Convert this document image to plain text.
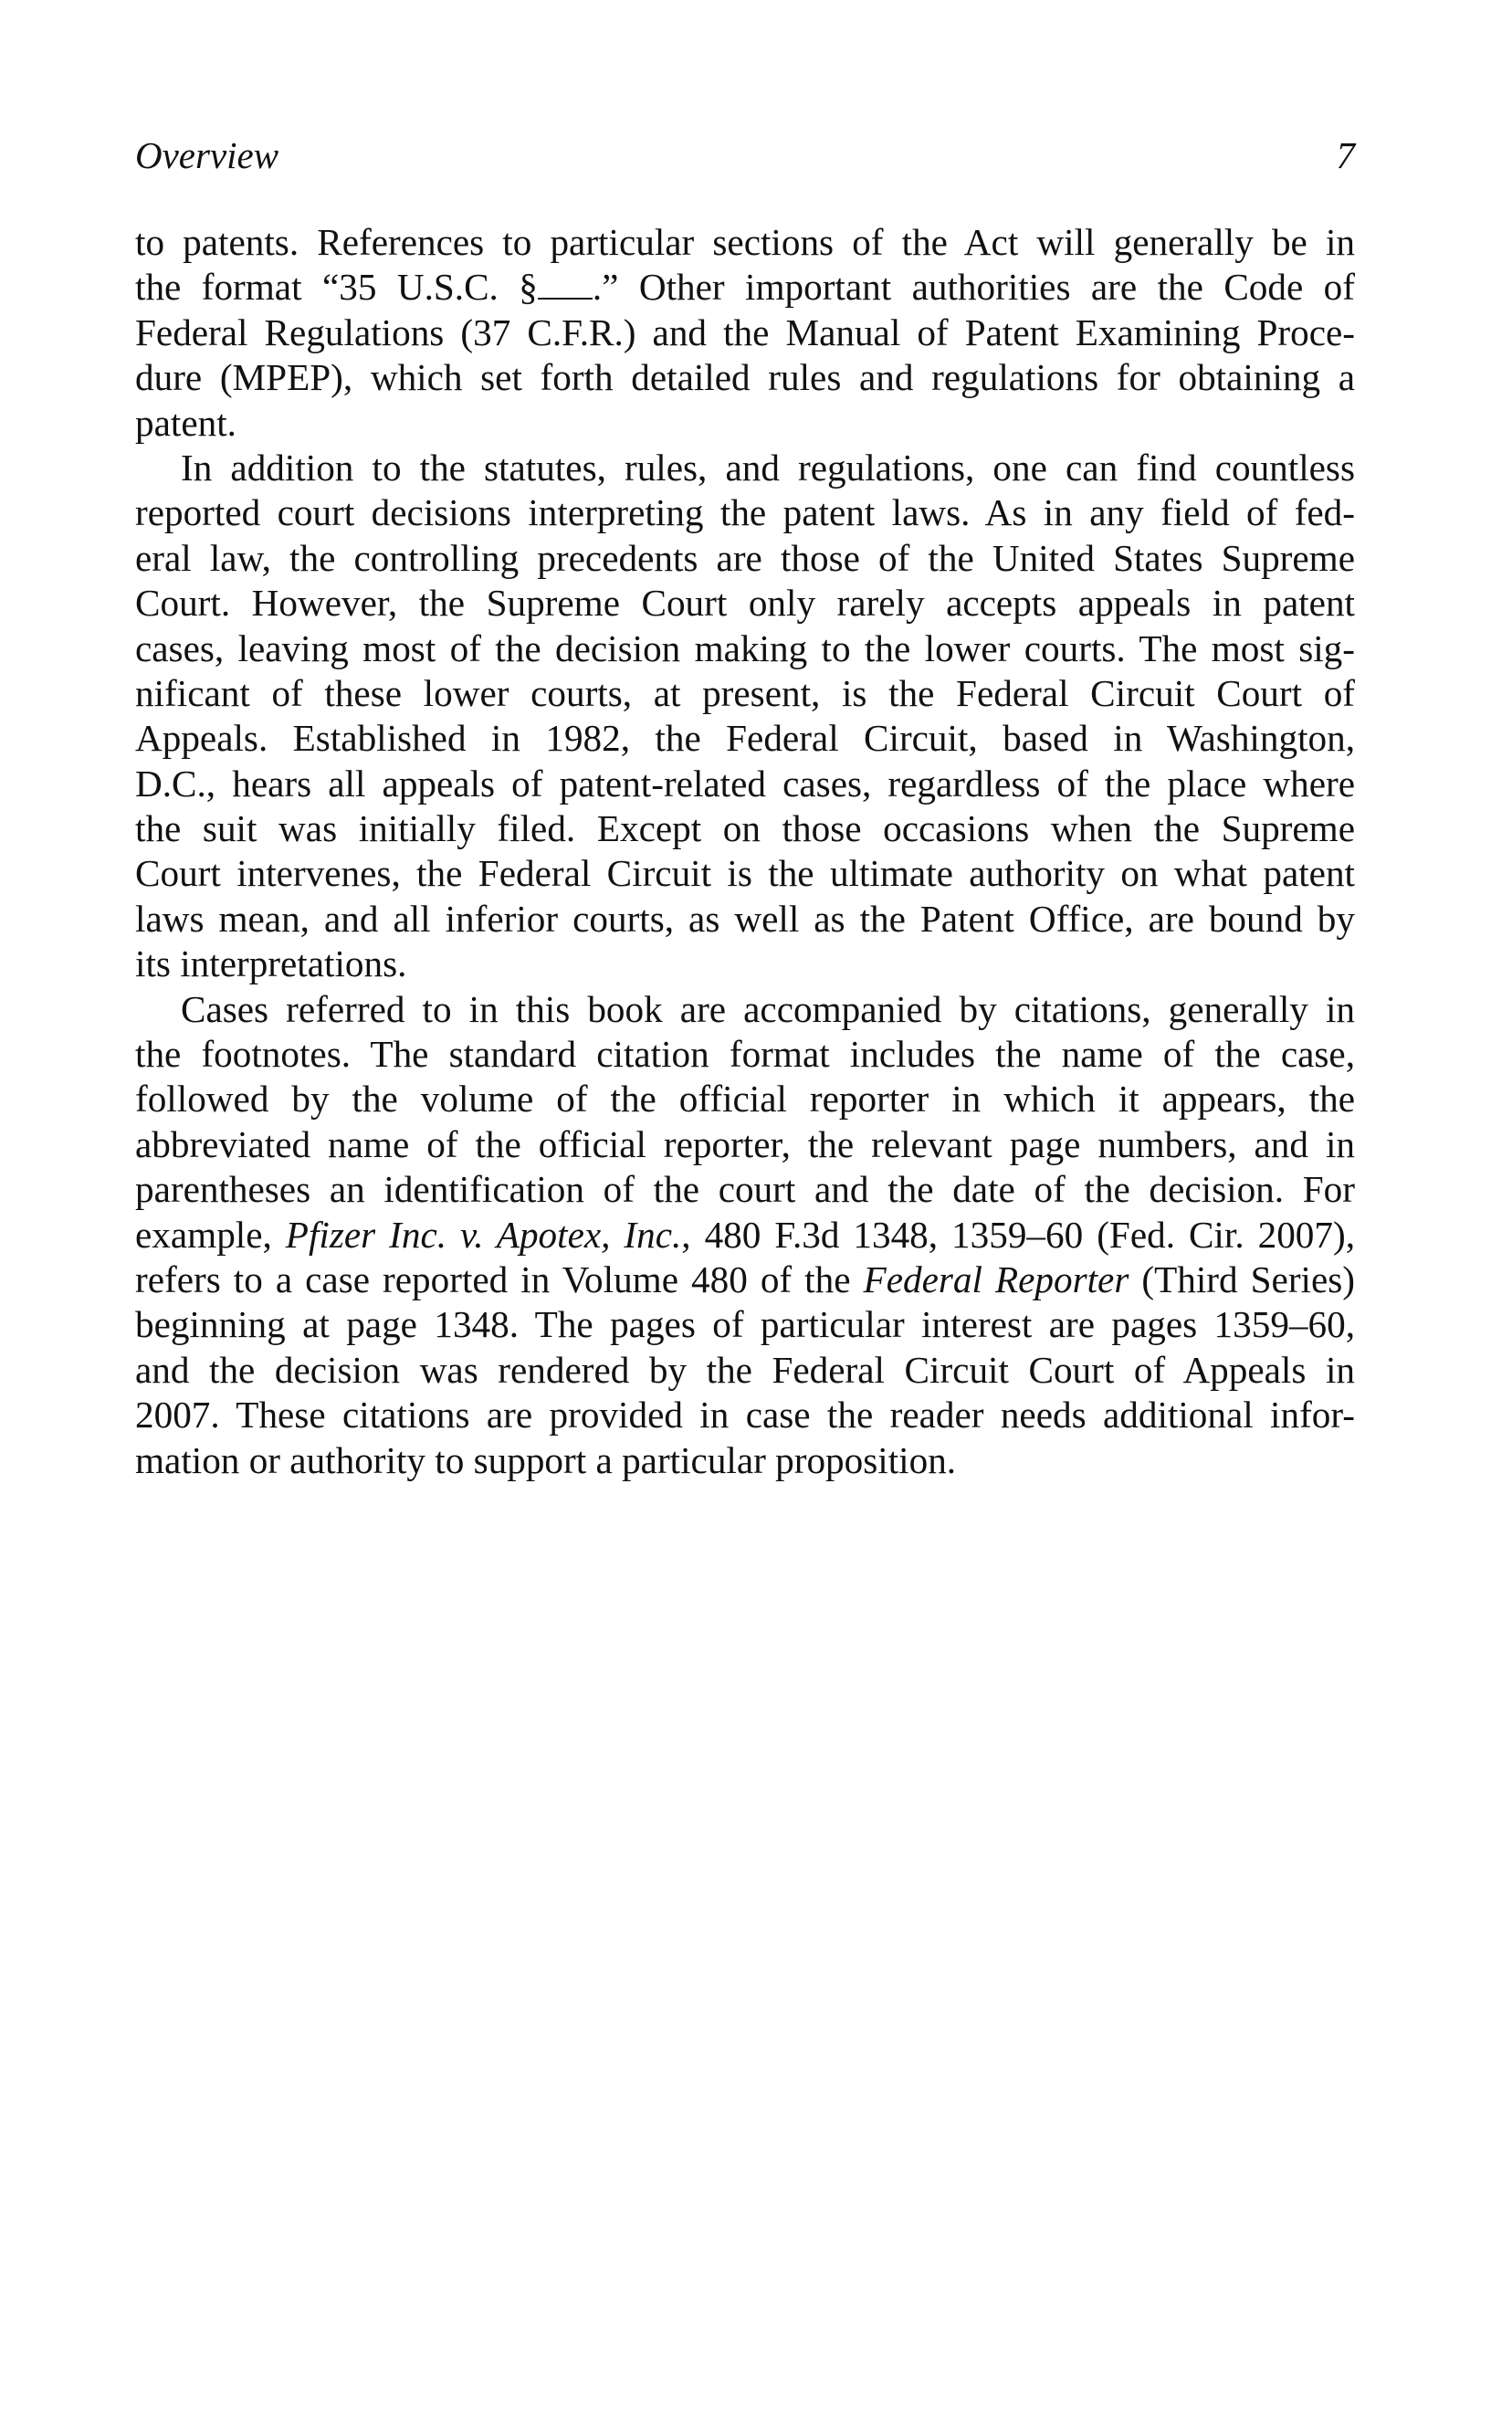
Overview	7
to patents. References to particular sections of the Act will generally be in
the format “35 U.S.C. § .” Other important authorities are the Code of
Federal Regulations (37 C.F.R.) and the Manual of Patent Examining Proce-
dure (MPEP), which set forth detailed rules and regulations for obtaining a
patent.
In addition to the statutes, rules, and regulations, one can find countless
reported court decisions interpreting the patent laws. As in any field of fed-
eral law, the controlling precedents are those of the United States Supreme
Court. However, the Supreme Court only rarely accepts appeals in patent
cases, leaving most of the decision making to the lower courts. The most sig-
nificant of these lower courts, at present, is the Federal Circuit Court of
Appeals. Established in 1982, the Federal Circuit, based in Washington,
D.C., hears all appeals of patent-related cases, regardless of the place where
the suit was initially filed. Except on those occasions when the Supreme
Court intervenes, the Federal Circuit is the ultimate authority on what patent
laws mean, and all inferior courts, as well as the Patent Office, are bound by
its interpretations.
Cases referred to in this book are accompanied by citations, generally in
the footnotes. The standard citation format includes the name of the case,
followed by the volume of the official reporter in which it appears, the
abbreviated name of the official reporter, the relevant page numbers, and in
parentheses an identification of the court and the date of the decision. For
example, Pfizer Inc. v. Apotex, Inc., 480 F.3d 1348, 1359–60 (Fed. Cir. 2007),
refers to a case reported in Volume 480 of the Federal Reporter (Third Series)
beginning at page 1348. The pages of particular interest are pages 1359–60,
and the decision was rendered by the Federal Circuit Court of Appeals in
2007. These citations are provided in case the reader needs additional infor-
mation or authority to support a particular proposition.
